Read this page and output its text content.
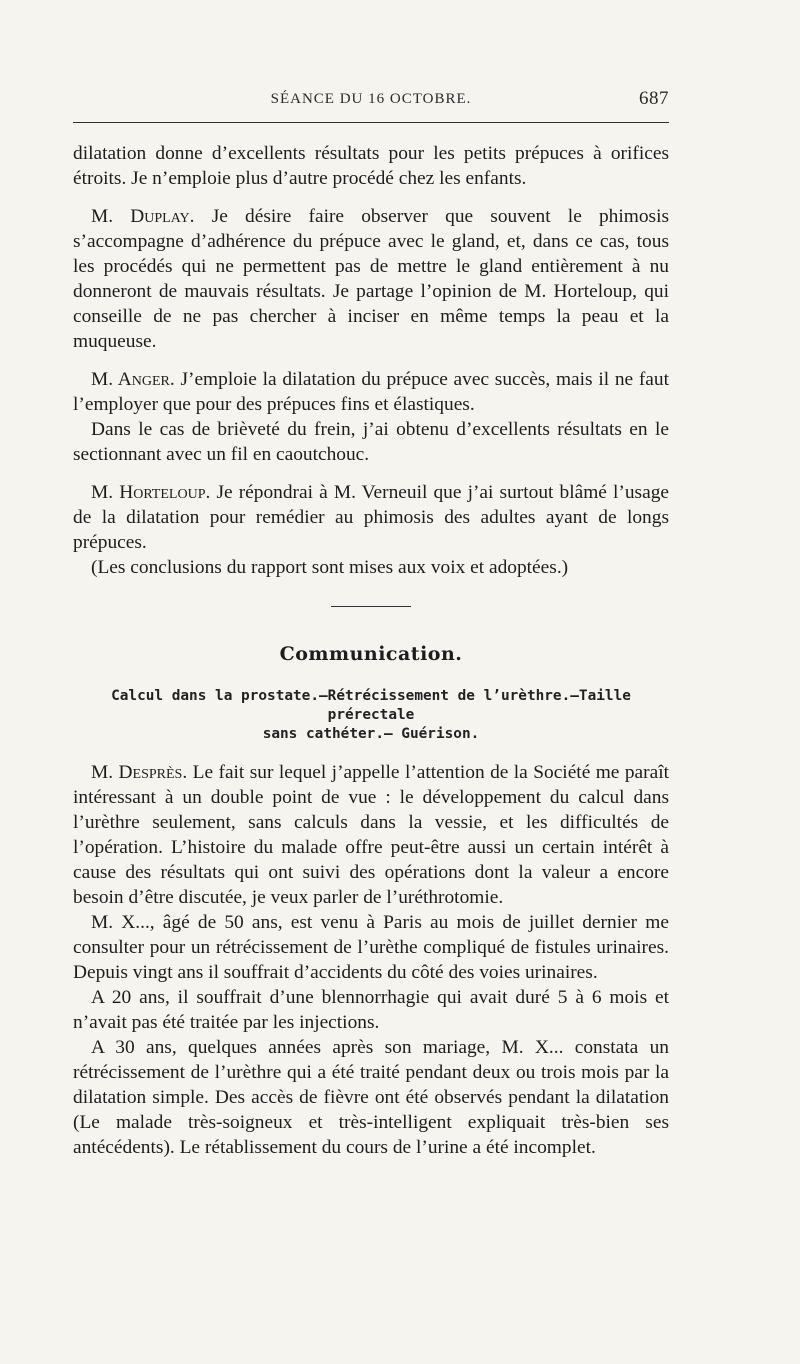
SÉANCE DU 16 OCTOBRE.	687

dilatation donne d’excellents résultats pour les petits prépuces à orifices étroits. Je n’emploie plus d’autre procédé chez les enfants.

M. Duplay. Je désire faire observer que souvent le phimosis s’accompagne d’adhérence du prépuce avec le gland, et, dans ce cas, tous les procédés qui ne permettent pas de mettre le gland entièrement à nu donneront de mauvais résultats. Je partage l’opinion de M. Horteloup, qui conseille de ne pas chercher à inciser en même temps la peau et la muqueuse.

M. Anger. J’emploie la dilatation du prépuce avec succès, mais il ne faut l’employer que pour des prépuces fins et élastiques.

Dans le cas de brièveté du frein, j’ai obtenu d’excellents résultats en le sectionnant avec un fil en caoutchouc.

M. Horteloup. Je répondrai à M. Verneuil que j’ai surtout blâmé l’usage de la dilatation pour remédier au phimosis des adultes ayant de longs prépuces.

(Les conclusions du rapport sont mises aux voix et adoptées.)

Communication.
Calcul dans la prostate.—Rétrécissement de l’urèthre.—Taille prérectale
sans cathéter.— Guérison.

M. Desprès. Le fait sur lequel j’appelle l’attention de la Société me paraît intéressant à un double point de vue : le développement du calcul dans l’urèthre seulement, sans calculs dans la vessie, et les difficultés de l’opération. L’histoire du malade offre peut-être aussi un certain intérêt à cause des résultats qui ont suivi des opérations dont la valeur a encore besoin d’être discutée, je veux parler de l’uréthrotomie.

M. X..., âgé de 50 ans, est venu à Paris au mois de juillet dernier me consulter pour un rétrécissement de l’urèthe compliqué de fistules urinaires. Depuis vingt ans il souffrait d’accidents du côté des voies urinaires.

A 20 ans, il souffrait d’une blennorrhagie qui avait duré 5 à 6 mois et n’avait pas été traitée par les injections.

A 30 ans, quelques années après son mariage, M. X... constata un rétrécissement de l’urèthre qui a été traité pendant deux ou trois mois par la dilatation simple. Des accès de fièvre ont été observés pendant la dilatation (Le malade très-soigneux et très-intelligent expliquait très-bien ses antécédents). Le rétablissement du cours de l’urine a été incomplet.
